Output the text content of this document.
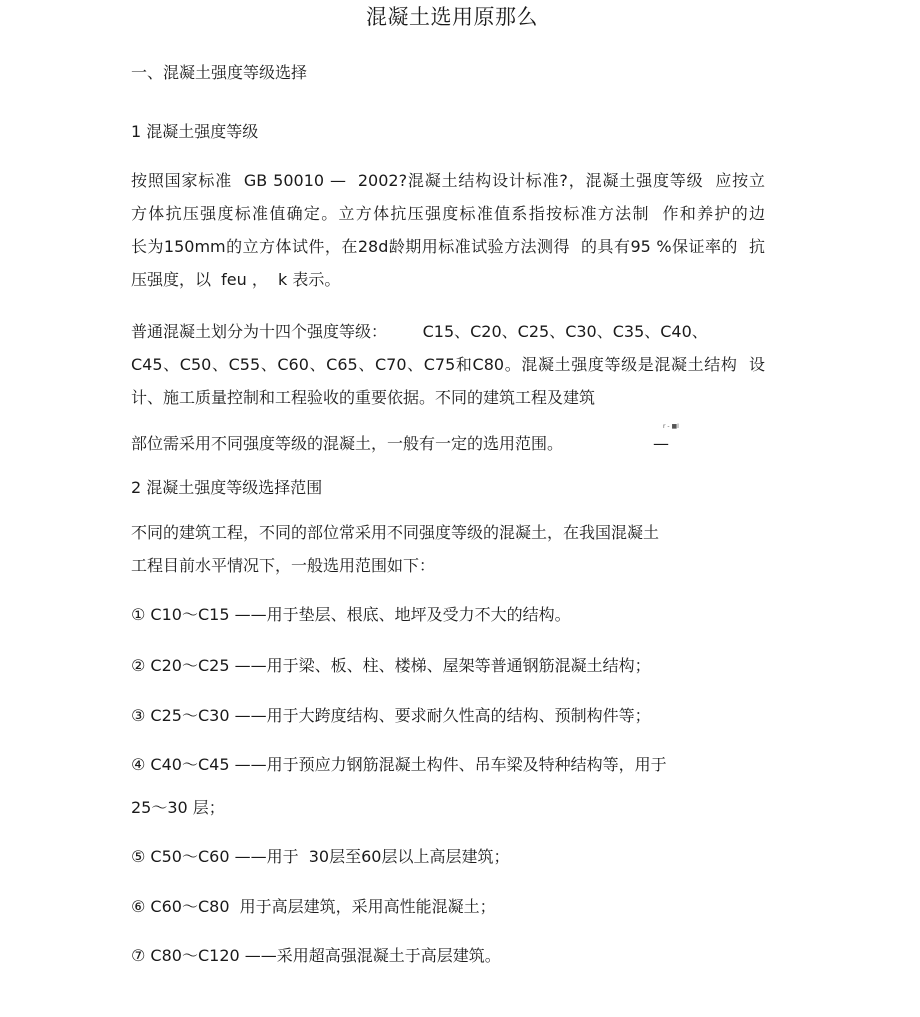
混凝土选用原那么
一、混凝土强度等级选择
1 混凝土强度等级
按照国家标准  GB 50010 —  2002?混凝土结构设计标准?，混凝土强度等级  应按立
方体抗压强度标准值确定。立方体抗压强度标准值系指按标准方法制  作和养护的边
长为150mm的立方体试件，在28d龄期用标准试验方法测得  的具有95 %保证率的  抗
压强度，以  feu ，  k 表示。
普通混凝土划分为十四个强度等级：       C15、C20、C25、C30、C35、C40、
C45、C50、C55、C60、C65、C70、C75和C80。混凝土强度等级是混凝土结构  设
计、施工质量控制和工程验收的重要依据。不同的建筑工程及建筑
部位需采用不同强度等级的混凝土，一般有一定的选用范围。
r - ■I
—
2 混凝土强度等级选择范围
不同的建筑工程，不同的部位常采用不同强度等级的混凝土，在我国混凝土
工程目前水平情况下，一般选用范围如下：
① C10〜C15 ——用于垫层、根底、地坪及受力不大的结构。
② C20〜C25 ——用于梁、板、柱、楼梯、屋架等普通钢筋混凝土结构；
③ C25〜C30 ——用于大跨度结构、要求耐久性高的结构、预制构件等；
④ C40〜C45 ——用于预应力钢筋混凝土构件、吊车梁及特种结构等，用于
25〜30 层；
⑤ C50〜C60 ——用于  30层至60层以上高层建筑；
⑥ C60〜C80  用于高层建筑，采用高性能混凝土；
⑦ C80〜C120 ——采用超高强混凝土于高层建筑。
